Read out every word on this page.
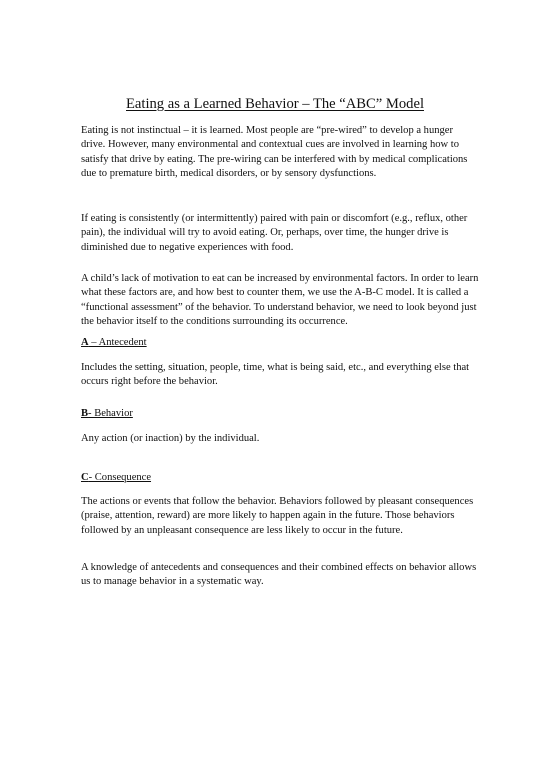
Eating as a Learned Behavior – The “ABC” Model

Eating is not instinctual – it is learned. Most people are “pre-wired” to develop a hunger drive. However, many environmental and contextual cues are involved in learning how to satisfy that drive by eating. The pre-wiring can be interfered with by medical complications due to premature birth, medical disorders, or by sensory dysfunctions.

If eating is consistently (or intermittently) paired with pain or discomfort (e.g., reflux, other pain), the individual will try to avoid eating. Or, perhaps, over time, the hunger drive is diminished due to negative experiences with food.

A child’s lack of motivation to eat can be increased by environmental factors. In order to learn what these factors are, and how best to counter them, we use the A-B-C model. It is called a “functional assessment” of the behavior. To understand behavior, we need to look beyond just the behavior itself to the conditions surrounding its occurrence.

A – Antecedent

Includes the setting, situation, people, time, what is being said, etc., and everything else that occurs right before the behavior.

B- Behavior

Any action (or inaction) by the individual.

C- Consequence

The actions or events that follow the behavior. Behaviors followed by pleasant consequences (praise, attention, reward) are more likely to happen again in the future. Those behaviors followed by an unpleasant consequence are less likely to occur in the future.

A knowledge of antecedents and consequences and their combined effects on behavior allows us to manage behavior in a systematic way.
